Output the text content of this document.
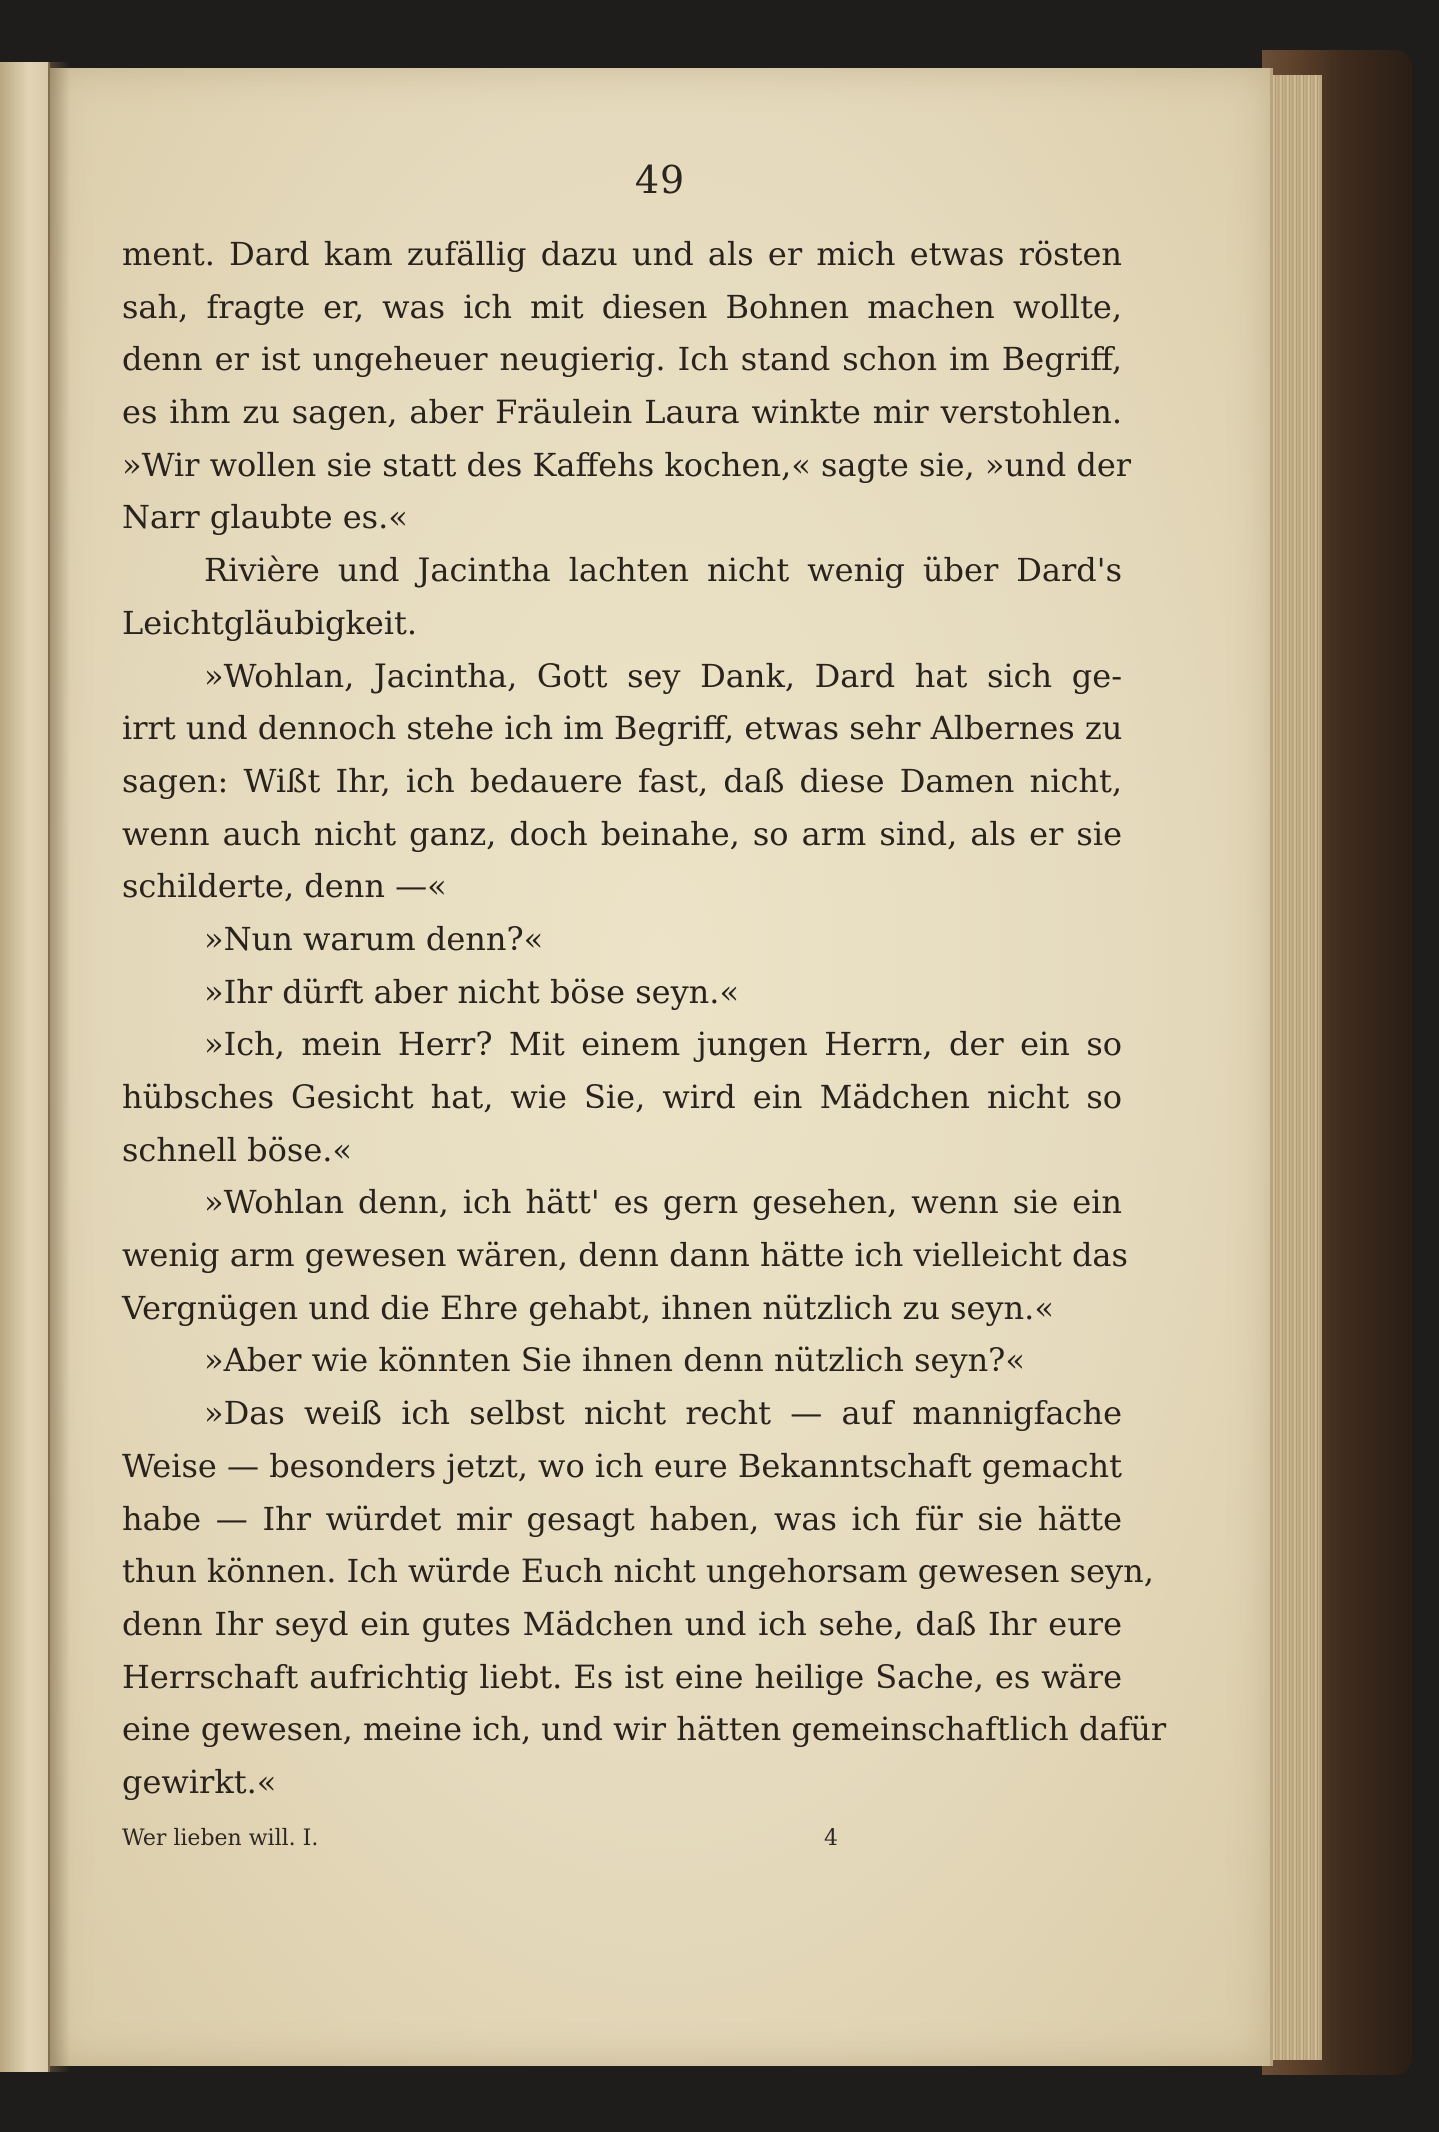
49
ment. Dard kam zufällig dazu und als er mich etwas rösten
sah, fragte er, was ich mit diesen Bohnen machen wollte,
denn er ist ungeheuer neugierig. Ich stand schon im Begriff,
es ihm zu sagen, aber Fräulein Laura winkte mir verstohlen.
»Wir wollen sie statt des Kaffehs kochen,« sagte sie, »und der
Narr glaubte es.«
Rivière und Jacintha lachten nicht wenig über Dard's
Leichtgläubigkeit.
»Wohlan, Jacintha, Gott sey Dank, Dard hat sich ge-
irrt und dennoch stehe ich im Begriff, etwas sehr Albernes zu
sagen: Wißt Ihr, ich bedauere fast, daß diese Damen nicht,
wenn auch nicht ganz, doch beinahe, so arm sind, als er sie
schilderte, denn —«
»Nun warum denn?«
»Ihr dürft aber nicht böse seyn.«
»Ich, mein Herr? Mit einem jungen Herrn, der ein so
hübsches Gesicht hat, wie Sie, wird ein Mädchen nicht so
schnell böse.«
»Wohlan denn, ich hätt' es gern gesehen, wenn sie ein
wenig arm gewesen wären, denn dann hätte ich vielleicht das
Vergnügen und die Ehre gehabt, ihnen nützlich zu seyn.«
»Aber wie könnten Sie ihnen denn nützlich seyn?«
»Das weiß ich selbst nicht recht — auf mannigfache
Weise — besonders jetzt, wo ich eure Bekanntschaft gemacht
habe — Ihr würdet mir gesagt haben, was ich für sie hätte
thun können. Ich würde Euch nicht ungehorsam gewesen seyn,
denn Ihr seyd ein gutes Mädchen und ich sehe, daß Ihr eure
Herrschaft aufrichtig liebt. Es ist eine heilige Sache, es wäre
eine gewesen, meine ich, und wir hätten gemeinschaftlich dafür
gewirkt.«
Wer lieben will. I.	4
